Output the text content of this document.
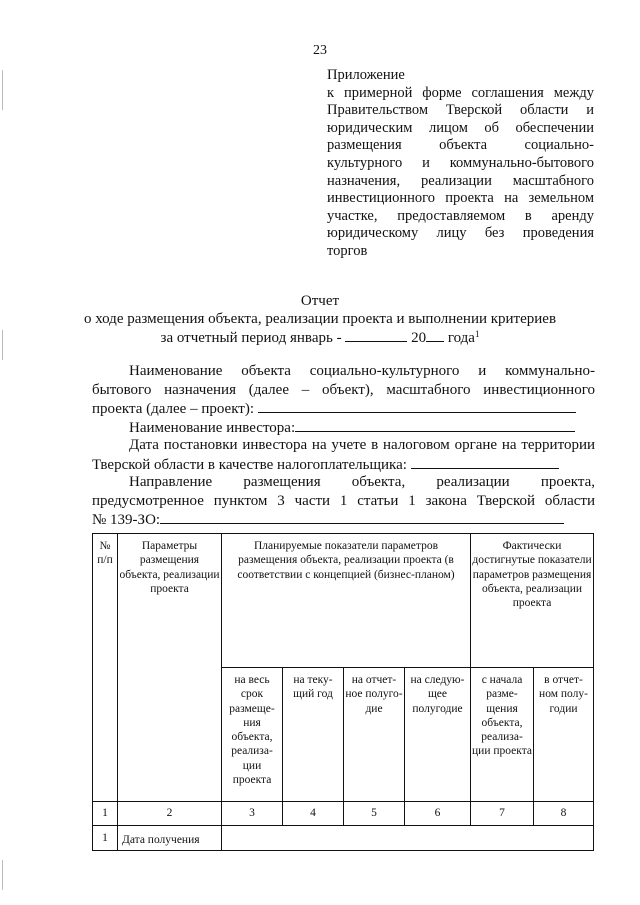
23
Приложение
к примерной форме соглашения между
Правительством Тверской области и
юридическим лицом об обеспечении
размещения объекта социально-
культурного и коммунально-бытового
назначения, реализации масштабного
инвестиционного проекта на земельном
участке, предоставляемом в аренду
юридическому лицу без проведения
торгов
Отчет
о ходе размещения объекта, реализации проекта и выполнении критериев
за отчетный период январь -	20 года$^1$
Наименование объекта социально-культурного и коммунально-
бытового назначения (далее – объект), масштабного инвестиционного
проекта (далее – проект):
Наименование инвестора:
Дата постановки инвестора на учете в налоговом органе на территории
Тверской области в качестве налогоплательщика:
Направление размещения объекта, реализации проекта,
предусмотренное пунктом 3 части 1 статьи 1 закона Тверской области
№ 139-ЗО:
№ п/п	Параметры размещения объекта, реализации проекта	Планируемые показатели параметров размещения объекта, реализации проекта (в соответствии с концепцией (бизнес-планом)				Фактически достигнутые показатели параметров размещения объекта, реализации проекта	
		на весь срок размеще- ния объекта, реализа- ции проекта	на теку- щий год	на отчет- ное полуго- дие	на следую- щее полугодие	с начала разме- щения объекта, реализа- ции проекта	в отчет- ном полу- годии
1	2	3	4	5	6	7	8
1	Дата получения						
